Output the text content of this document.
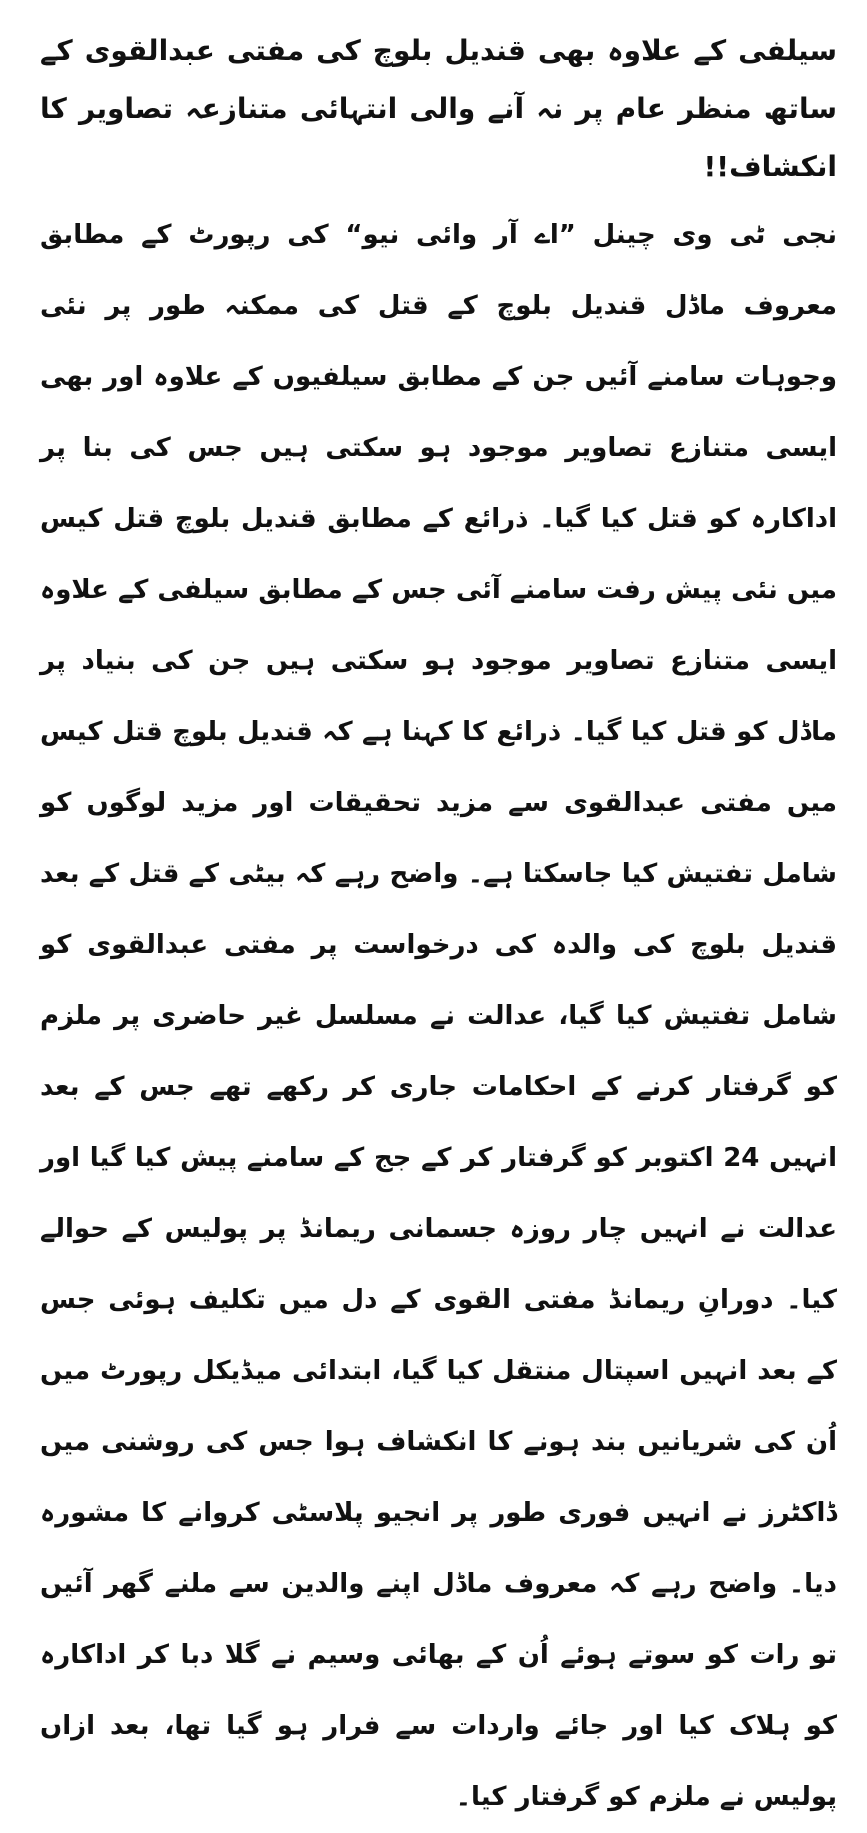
سیلفی کے علاوہ بھی قندیل بلوچ کی مفتی عبدالقوی کے ساتھ منظر عام پر نہ آنے والی انتہائی متنازعہ تصاویر کا انکشاف!!

نجی ٹی وی چینل ”اے آر وائی نیو“ کی رپورٹ کے مطابق معروف ماڈل قندیل بلوچ کے قتل کی ممکنہ طور پر نئی وجوہات سامنے آئیں جن کے مطابق سیلفیوں کے علاوہ اور بھی ایسی متنازع تصاویر موجود ہو سکتی ہیں جس کی بنا پر اداکارہ کو قتل کیا گیا۔ ذرائع کے مطابق قندیل بلوچ قتل کیس میں نئی پیش رفت سامنے آئی جس کے مطابق سیلفی کے علاوہ ایسی متنازع تصاویر موجود ہو سکتی ہیں جن کی بنیاد پر ماڈل کو قتل کیا گیا۔ ذرائع کا کہنا ہے کہ قندیل بلوچ قتل کیس میں مفتی عبدالقوی سے مزید تحقیقات اور مزید لوگوں کو شامل تفتیش کیا جاسکتا ہے۔ واضح رہے کہ بیٹی کے قتل کے بعد قندیل بلوچ کی والدہ کی درخواست پر مفتی عبدالقوی کو شامل تفتیش کیا گیا، عدالت نے مسلسل غیر حاضری پر ملزم کو گرفتار کرنے کے احکامات جاری کر رکھے تھے جس کے بعد انہیں 24 اکتوبر کو گرفتار کر کے جج کے سامنے پیش کیا گیا اور عدالت نے انہیں چار روزہ جسمانی ریمانڈ پر پولیس کے حوالے کیا۔ دورانِ ریمانڈ مفتی القوی کے دل میں تکلیف ہوئی جس کے بعد انہیں اسپتال منتقل کیا گیا، ابتدائی میڈیکل رپورٹ میں اُن کی شریانیں بند ہونے کا انکشاف ہوا جس کی روشنی میں ڈاکٹرز نے انہیں فوری طور پر انجیو پلاسٹی کروانے کا مشورہ دیا۔ واضح رہے کہ معروف ماڈل اپنے والدین سے ملنے گھر آئیں تو رات کو سوتے ہوئے اُن کے بھائی وسیم نے گلا دبا کر اداکارہ کو ہلاک کیا اور جائے واردات سے فرار ہو گیا تھا، بعد ازاں پولیس نے ملزم کو گرفتار کیا۔
